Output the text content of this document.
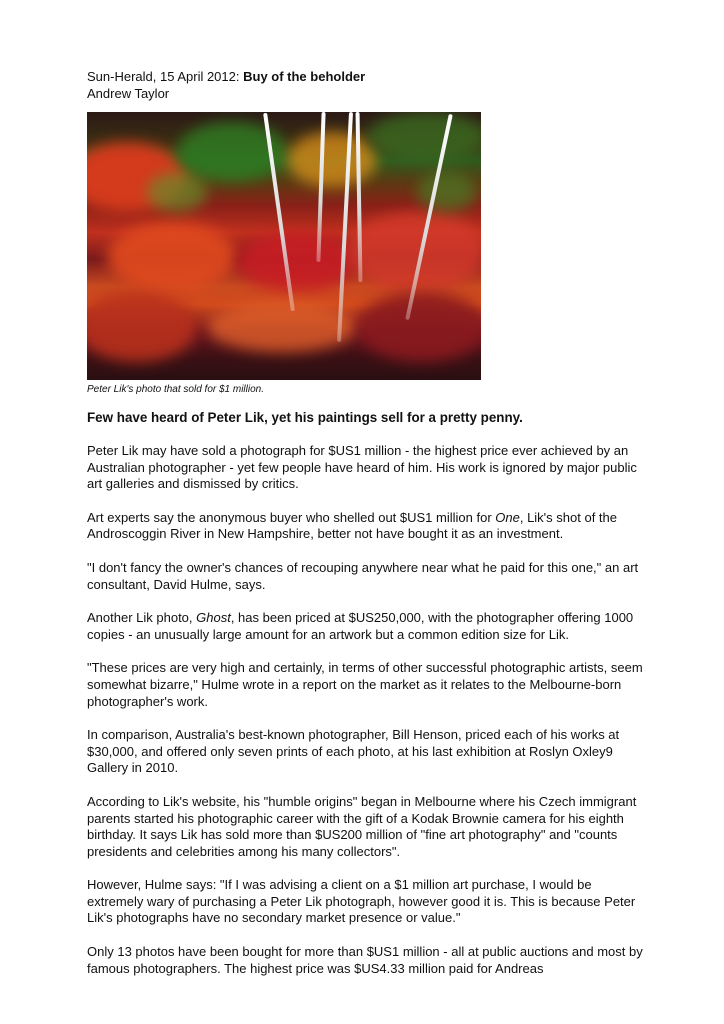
Sun-Herald, 15 April 2012: Buy of the beholder

Andrew Taylor

Peter Lik's photo that sold for $1 million.
Few have heard of Peter Lik, yet his paintings sell for a pretty penny.

Peter Lik may have sold a photograph for $US1 million - the highest price ever achieved by an Australian photographer - yet few people have heard of him. His work is ignored by major public art galleries and dismissed by critics.

Art experts say the anonymous buyer who shelled out $US1 million for One, Lik's shot of the Androscoggin River in New Hampshire, better not have bought it as an investment.

"I don't fancy the owner's chances of recouping anywhere near what he paid for this one," an art consultant, David Hulme, says.

Another Lik photo, Ghost, has been priced at $US250,000, with the photographer offering 1000 copies - an unusually large amount for an artwork but a common edition size for Lik.

"These prices are very high and certainly, in terms of other successful photographic artists, seem somewhat bizarre," Hulme wrote in a report on the market as it relates to the Melbourne-born photographer's work.

In comparison, Australia's best-known photographer, Bill Henson, priced each of his works at $30,000, and offered only seven prints of each photo, at his last exhibition at Roslyn Oxley9 Gallery in 2010.

According to Lik's website, his "humble origins" began in Melbourne where his Czech immigrant parents started his photographic career with the gift of a Kodak Brownie camera for his eighth birthday. It says Lik has sold more than $US200 million of "fine art photography" and "counts presidents and celebrities among his many collectors".

However, Hulme says: "If I was advising a client on a $1 million art purchase, I would be extremely wary of purchasing a Peter Lik photograph, however good it is. This is because Peter Lik's photographs have no secondary market presence or value."

Only 13 photos have been bought for more than $US1 million - all at public auctions and most by famous photographers. The highest price was $US4.33 million paid for Andreas
